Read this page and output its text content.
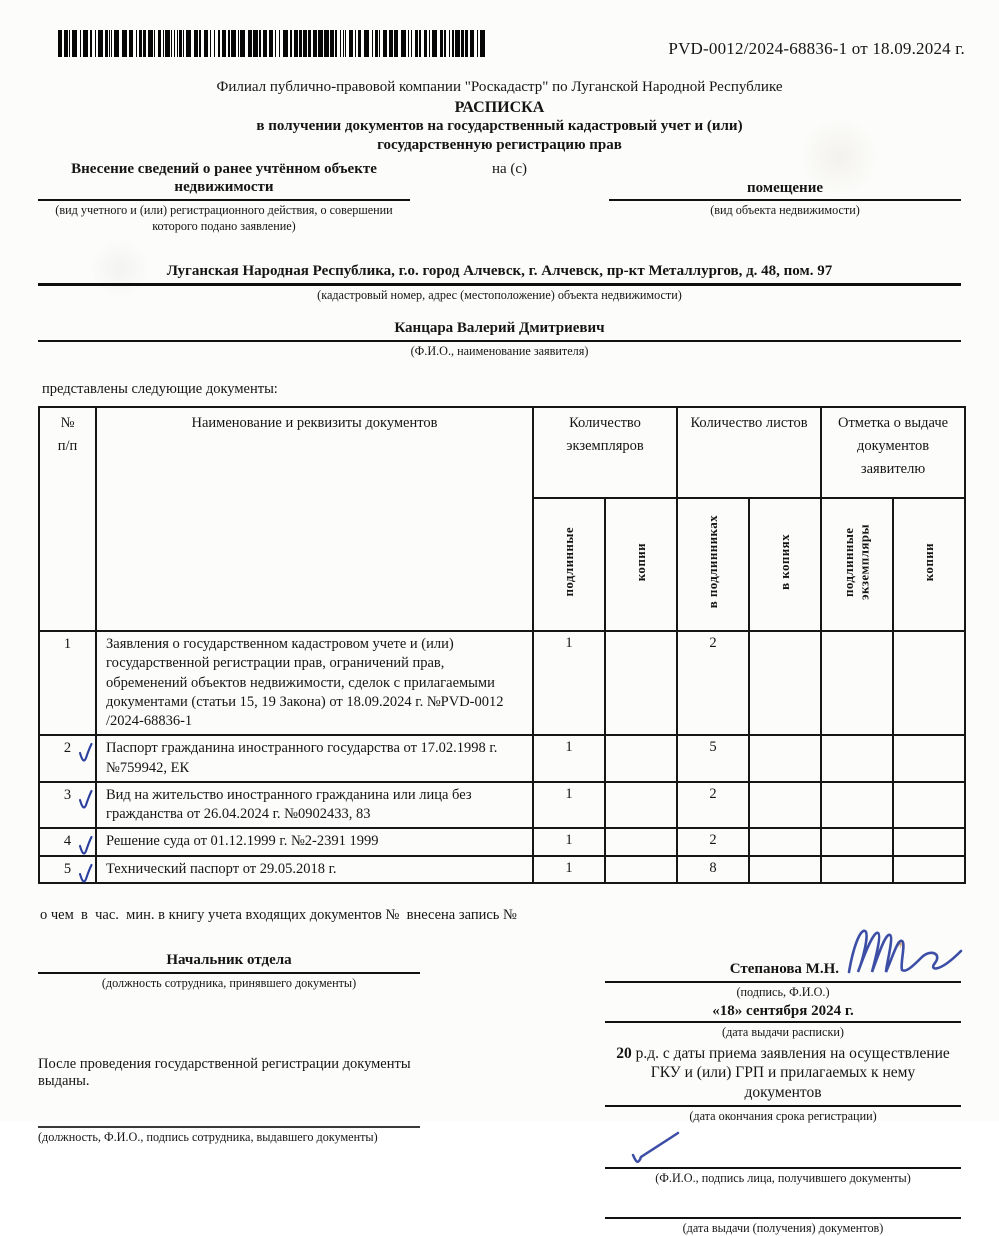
PVD-0012/2024-68836-1 от 18.09.2024 г.
Филиал публично-правовой компании "Роскадастр" по Луганской Народной Республике
РАСПИСКА
в получении документов на государственный кадастровый учет и (или)
государственную регистрацию прав
Внесение сведений о ранее учтённом объекте недвижимости
(вид учетного и (или) регистрационного действия, о совершении которого подано заявление)
на (с)
помещение
(вид объекта недвижимости)
Луганская Народная Республика, г.о. город Алчевск, г. Алчевск, пр-кт Металлургов, д. 48, пом. 97
(кадастровый номер, адрес (местоположение) объекта недвижимости)
Канцара Валерий Дмитриевич
(Ф.И.О., наименование заявителя)
представлены следующие документы:
№
п/п	Наименование и реквизиты документов	Количество экземпляров		Количество листов		Отметка о выдаче документов заявителю	
		подлинные	копии	в подлинниках	в копиях	подлинные экземпляры	копии
1	Заявления о государственном кадастровом учете и (или) государственной регистрации прав, ограничений прав, обременений объектов недвижимости, сделок с прилагаемыми документами (статьи 15, 19 Закона) от 18.09.2024 г. №PVD-0012 /2024-68836-1	1		2			
2	Паспорт гражданина иностранного государства от 17.02.1998 г. №759942, ЕК	1		5			
3	Вид на жительство иностранного гражданина или лица без гражданства от 26.04.2024 г. №0902433, 83	1		2			
4	Решение суда от 01.12.1999 г. №2-2391 1999	1		2			
5	Технический паспорт от 29.05.2018 г.	1		8			
о чем  в  час.  мин. в книгу учета входящих документов №  внесена запись №
Начальник отдела
(должность сотрудника, принявшего документы)
После проведения государственной регистрации документы выданы.
(должность, Ф.И.О., подпись сотрудника, выдавшего документы)
✳
Степанова М.Н.
(подпись, Ф.И.О.)
«18» сентября 2024 г.
(дата выдачи расписки)
20 р.д. с даты приема заявления на осуществление ГКУ и (или) ГРП и прилагаемых к нему документов
(дата окончания срока регистрации)
(Ф.И.О., подпись лица, получившего документы)
(дата выдачи (получения) документов)
